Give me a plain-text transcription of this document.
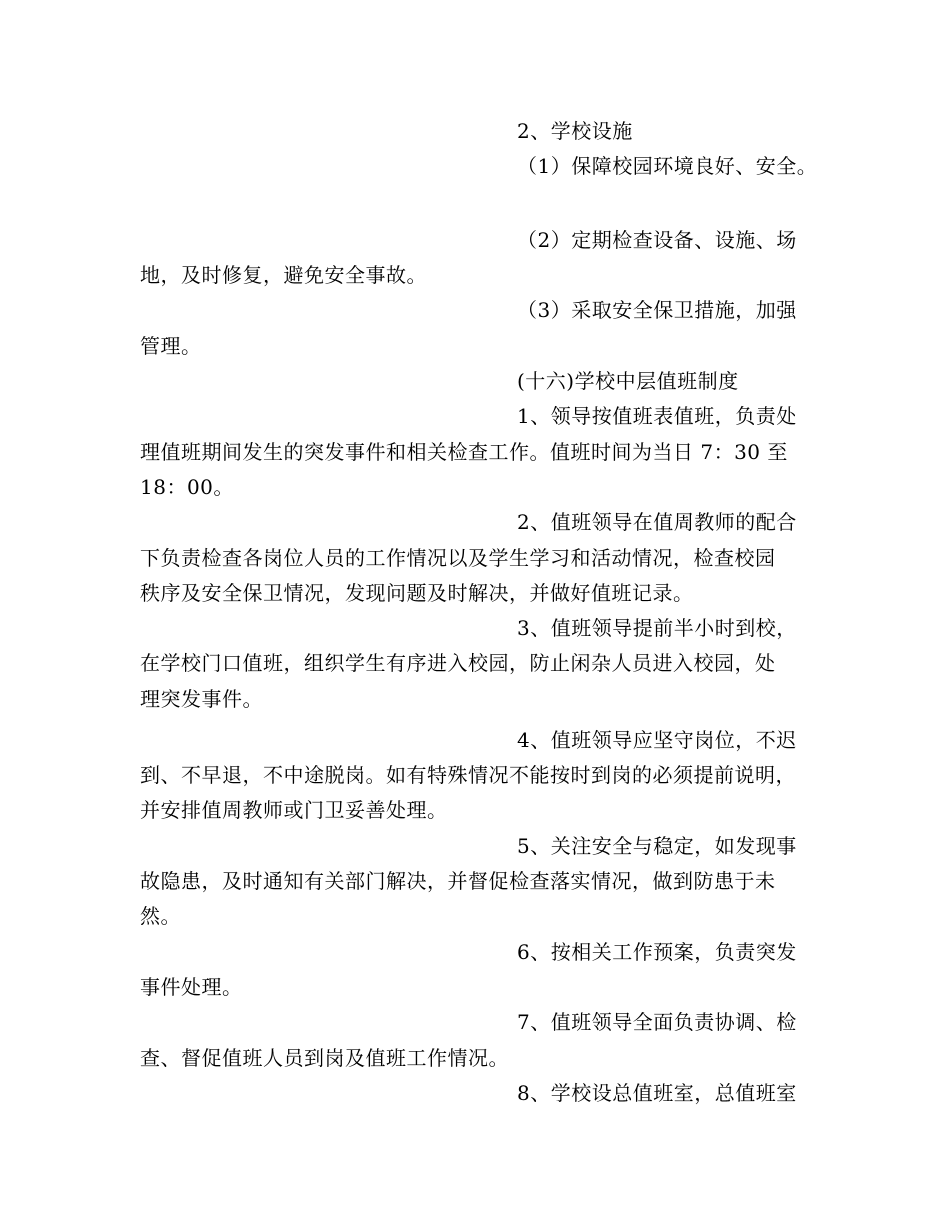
2、学校设施
（1）保障校园环境良好、安全。
（2）定期检查设备、设施、场
地，及时修复，避免安全事故。
（3）采取安全保卫措施，加强
管理。
(十六)学校中层值班制度
1、领导按值班表值班，负责处
理值班期间发生的突发事件和相关检查工作。值班时间为当日 7：30 至
18：00。
2、值班领导在值周教师的配合
下负责检查各岗位人员的工作情况以及学生学习和活动情况，检查校园
秩序及安全保卫情况，发现问题及时解决，并做好值班记录。
3、值班领导提前半小时到校，
在学校门口值班，组织学生有序进入校园，防止闲杂人员进入校园，处
理突发事件。
4、值班领导应坚守岗位，不迟
到、不早退，不中途脱岗。如有特殊情况不能按时到岗的必须提前说明，
并安排值周教师或门卫妥善处理。
5、关注安全与稳定，如发现事
故隐患，及时通知有关部门解决，并督促检查落实情况，做到防患于未
然。
6、按相关工作预案，负责突发
事件处理。
7、值班领导全面负责协调、检
查、督促值班人员到岗及值班工作情况。
8、学校设总值班室，总值班室
